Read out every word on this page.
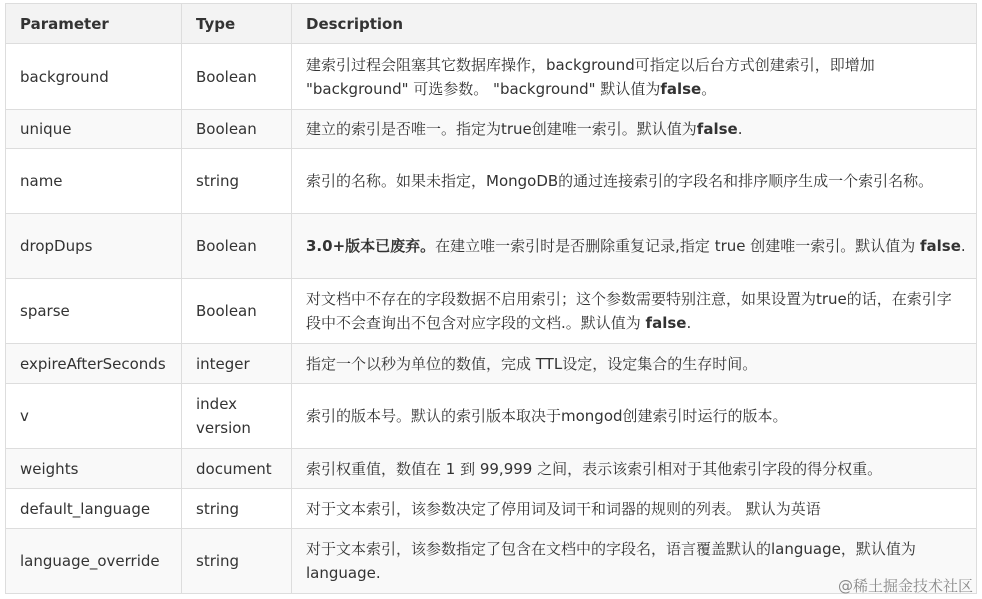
Parameter	Type	Description
background	Boolean	建索引过程会阻塞其它数据库操作，background可指定以后台方式创建索引，即增加 "background" 可选参数。 "background" 默认值为false。
unique	Boolean	建立的索引是否唯一。指定为true创建唯一索引。默认值为false.
name	string	索引的名称。如果未指定，MongoDB的通过连接索引的字段名和排序顺序生成一个索引名称。
dropDups	Boolean	3.0+版本已废弃。在建立唯一索引时是否删除重复记录,指定 true 创建唯一索引。默认值为 false.
sparse	Boolean	对文档中不存在的字段数据不启用索引；这个参数需要特别注意，如果设置为true的话，在索引字段中不会查询出不包含对应字段的文档.。默认值为 false.
expireAfterSeconds	integer	指定一个以秒为单位的数值，完成 TTL设定，设定集合的生存时间。
v	index version	索引的版本号。默认的索引版本取决于mongod创建索引时运行的版本。
weights	document	索引权重值，数值在 1 到 99,999 之间，表示该索引相对于其他索引字段的得分权重。
default_language	string	对于文本索引，该参数决定了停用词及词干和词器的规则的列表。 默认为英语
language_override	string	对于文本索引，该参数指定了包含在文档中的字段名，语言覆盖默认的language，默认值为 language.
@稀土掘金技术社区
